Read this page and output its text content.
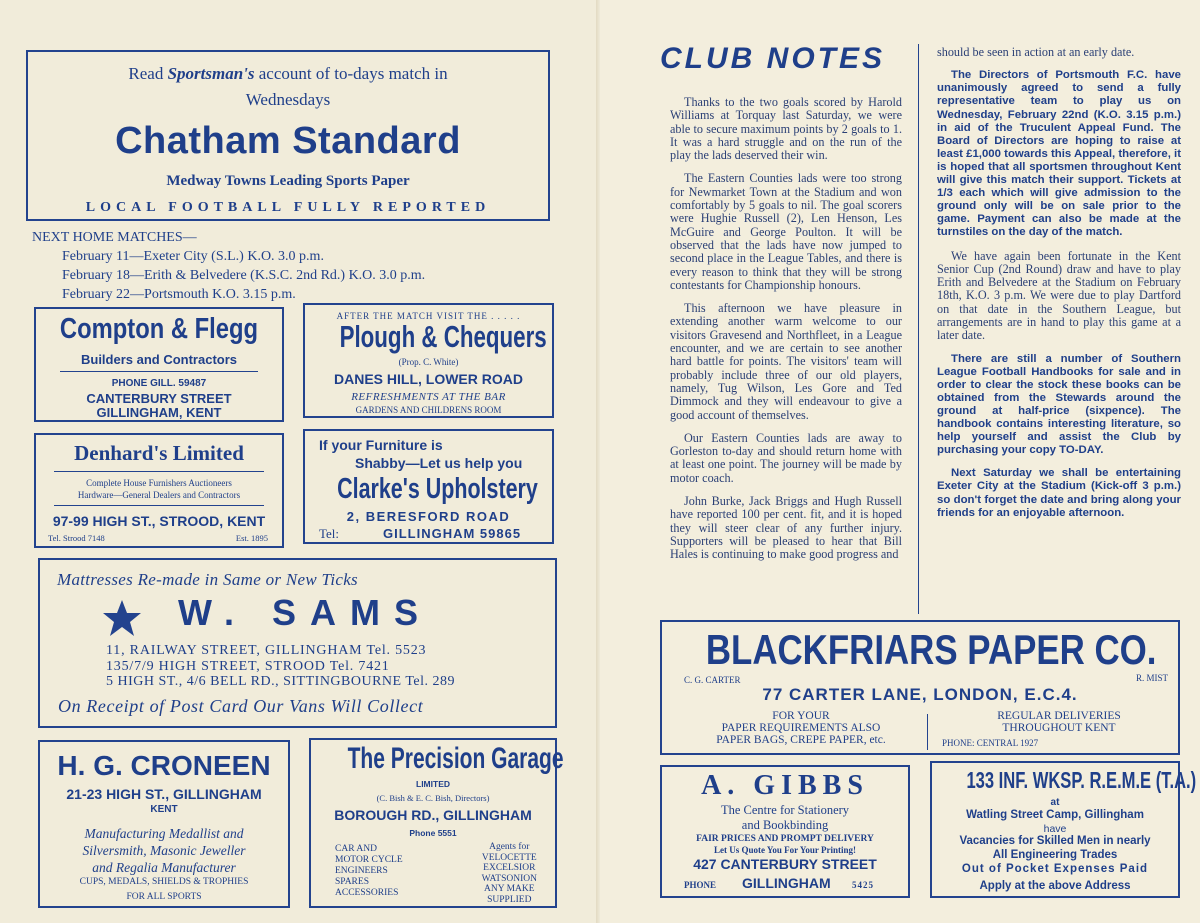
Read Sportsman's account of to-days match in
Wednesdays
Chatham Standard
Medway Towns Leading Sports Paper
LOCAL FOOTBALL FULLY REPORTED
NEXT HOME MATCHES—
February 11—Exeter City (S.L.) K.O. 3.0 p.m.
February 18—Erith & Belvedere (K.S.C. 2nd Rd.) K.O. 3.0 p.m.
February 22—Portsmouth K.O. 3.15 p.m.
Compton & Flegg
Builders and Contractors
PHONE GILL. 59487
CANTERBURY STREET
GILLINGHAM, KENT
AFTER THE MATCH VISIT THE . . . . .
Plough & Chequers
(Prop. C. White)
DANES HILL, LOWER ROAD
REFRESHMENTS AT THE BAR
GARDENS AND CHILDRENS ROOM
Denhard's Limited
Complete House Furnishers Auctioneers
Hardware—General Dealers and Contractors
97-99 HIGH ST., STROOD, KENT
Tel. Strood 7148	Est. 1895
If your Furniture is
Shabby—Let us help you
Clarke's Upholstery
2, BERESFORD ROAD
Tel:	GILLINGHAM 59865
Mattresses Re-made in Same or New Ticks
W. SAMS
11, RAILWAY STREET, GILLINGHAM Tel. 5523
135/7/9 HIGH STREET, STROOD Tel. 7421
5 HIGH ST., 4/6 BELL RD., SITTINGBOURNE Tel. 289
On Receipt of Post Card Our Vans Will Collect
H. G. CRONEEN
21-23 HIGH ST., GILLINGHAM
KENT
Manufacturing Medallist and
Silversmith, Masonic Jeweller
and Regalia Manufacturer
CUPS, MEDALS, SHIELDS & TROPHIES
FOR ALL SPORTS
The Precision Garage
LIMITED
(C. Bish & E. C. Bish, Directors)
BOROUGH RD., GILLINGHAM
Phone 5551
CAR AND
MOTOR CYCLE
ENGINEERS
SPARES
ACCESSORIES
Agents for
VELOCETTE
EXCELSIOR
WATSONION
ANY MAKE
SUPPLIED
CLUB NOTES

Thanks to the two goals scored by Harold Williams at Torquay last Saturday, we were able to secure maximum points by 2 goals to 1. It was a hard struggle and on the run of the play the lads deserved their win.

The Eastern Counties lads were too strong for Newmarket Town at the Stadium and won comfortably by 5 goals to nil. The goal scorers were Hughie Russell (2), Len Henson, Les McGuire and George Poulton. It will be observed that the lads have now jumped to second place in the League Tables, and there is every reason to think that they will be strong contestants for Championship honours.

This afternoon we have pleasure in extending another warm welcome to our visitors Gravesend and Northfleet, in a League encounter, and we are certain to see another hard battle for points. The visitors' team will probably include three of our old players, namely, Tug Wilson, Les Gore and Ted Dimmock and they will endeavour to give a good account of themselves.

Our Eastern Counties lads are away to Gorleston to-day and should return home with at least one point. The journey will be made by motor coach.

John Burke, Jack Briggs and Hugh Russell have reported 100 per cent. fit, and it is hoped they will steer clear of any further injury. Supporters will be pleased to hear that Bill Hales is continuing to make good progress and

should be seen in action at an early date.

The Directors of Portsmouth F.C. have unanimously agreed to send a fully representative team to play us on Wednesday, February 22nd (K.O. 3.15 p.m.) in aid of the Truculent Appeal Fund. The Board of Directors are hoping to raise at least £1,000 towards this Appeal, therefore, it is hoped that all sportsmen throughout Kent will give this match their support. Tickets at 1/3 each which will give admission to the ground only will be on sale prior to the game. Payment can also be made at the turnstiles on the day of the match.

We have again been fortunate in the Kent Senior Cup (2nd Round) draw and have to play Erith and Belvedere at the Stadium on February 18th, K.O. 3 p.m. We were due to play Dartford on that date in the Southern League, but arrangements are in hand to play this game at a later date.

There are still a number of Southern League Football Handbooks for sale and in order to clear the stock these books can be obtained from the Stewards around the ground at half-price (sixpence). The handbook contains interesting literature, so help yourself and assist the Club by purchasing your copy TO-DAY.

Next Saturday we shall be entertaining Exeter City at the Stadium (Kick-off 3 p.m.) so don't forget the date and bring along your friends for an enjoyable afternoon.

BLACKFRIARS PAPER CO.
C. G. CARTER	R. MIST
77 CARTER LANE, LONDON, E.C.4.
FOR YOUR
PAPER REQUIREMENTS ALSO
PAPER BAGS, CREPE PAPER, etc.
REGULAR DELIVERIES
THROUGHOUT KENT
PHONE: CENTRAL 1927
A. GIBBS
The Centre for Stationery
and Bookbinding
FAIR PRICES AND PROMPT DELIVERY
Let Us Quote You For Your Printing!
427 CANTERBURY STREET
PHONE GILLINGHAM 5425
133 INF. WKSP. R.E.M.E (T.A.)
at
Watling Street Camp, Gillingham
have
Vacancies for Skilled Men in nearly
All Engineering Trades
Out of Pocket Expenses Paid
Apply at the above Address
